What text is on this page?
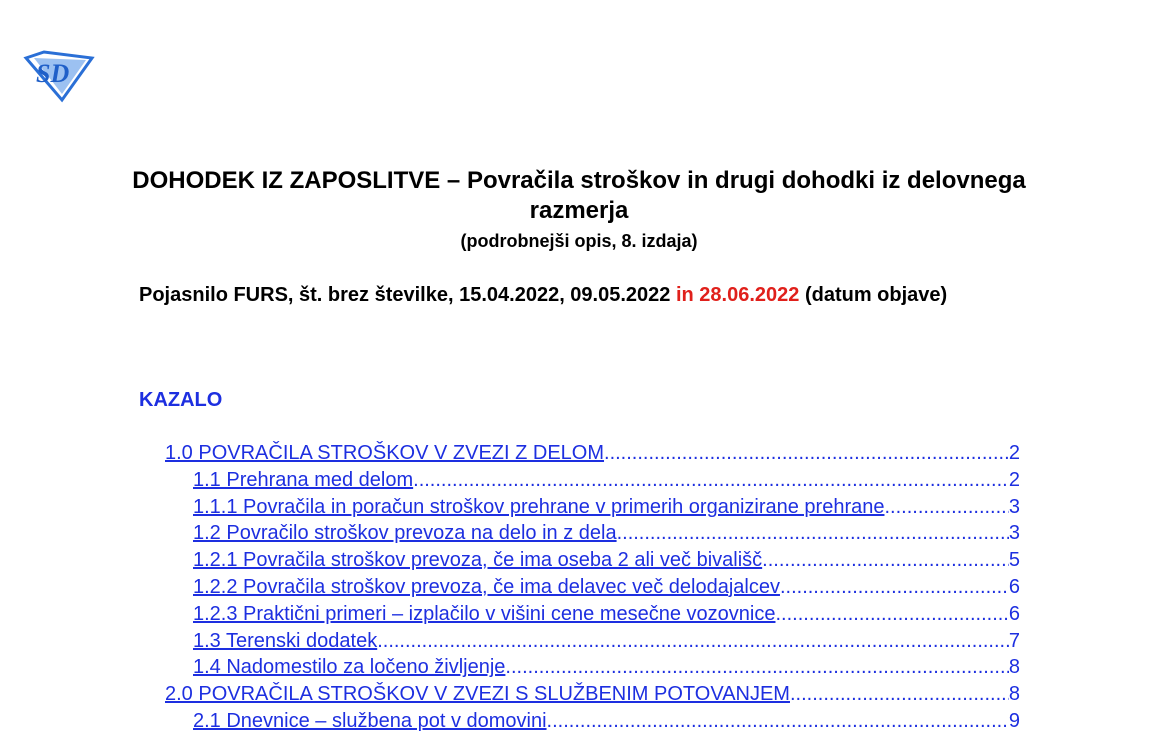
SD
DOHODEK IZ ZAPOSLITVE – Povračila stroškov in drugi dohodki iz delovnega razmerja
(podrobnejši opis, 8. izdaja)
Pojasnilo FURS, št. brez številke, 15.04.2022, 09.05.2022 in 28.06.2022 (datum objave)
KAZALO
1.0 POVRAČILA STROŠKOV V ZVEZI Z DELOM .....	2
1.1 Prehrana med delom .....	2
1.1.1 Povračila in poračun stroškov prehrane v primerih organizirane prehrane .....	3
1.2 Povračilo stroškov prevoza na delo in z dela .....	3
1.2.1 Povračila stroškov prevoza, če ima oseba 2 ali več bivališč .....	5
1.2.2 Povračila stroškov prevoza, če ima delavec več delodajalcev .....	6
1.2.3 Praktični primeri – izplačilo v višini cene mesečne vozovnice .....	6
1.3 Terenski dodatek .....	7
1.4 Nadomestilo za ločeno življenje .....	8
2.0 POVRAČILA STROŠKOV V ZVEZI S SLUŽBENIM POTOVANJEM .....	8
2.1 Dnevnice – službena pot v domovini .....	9
